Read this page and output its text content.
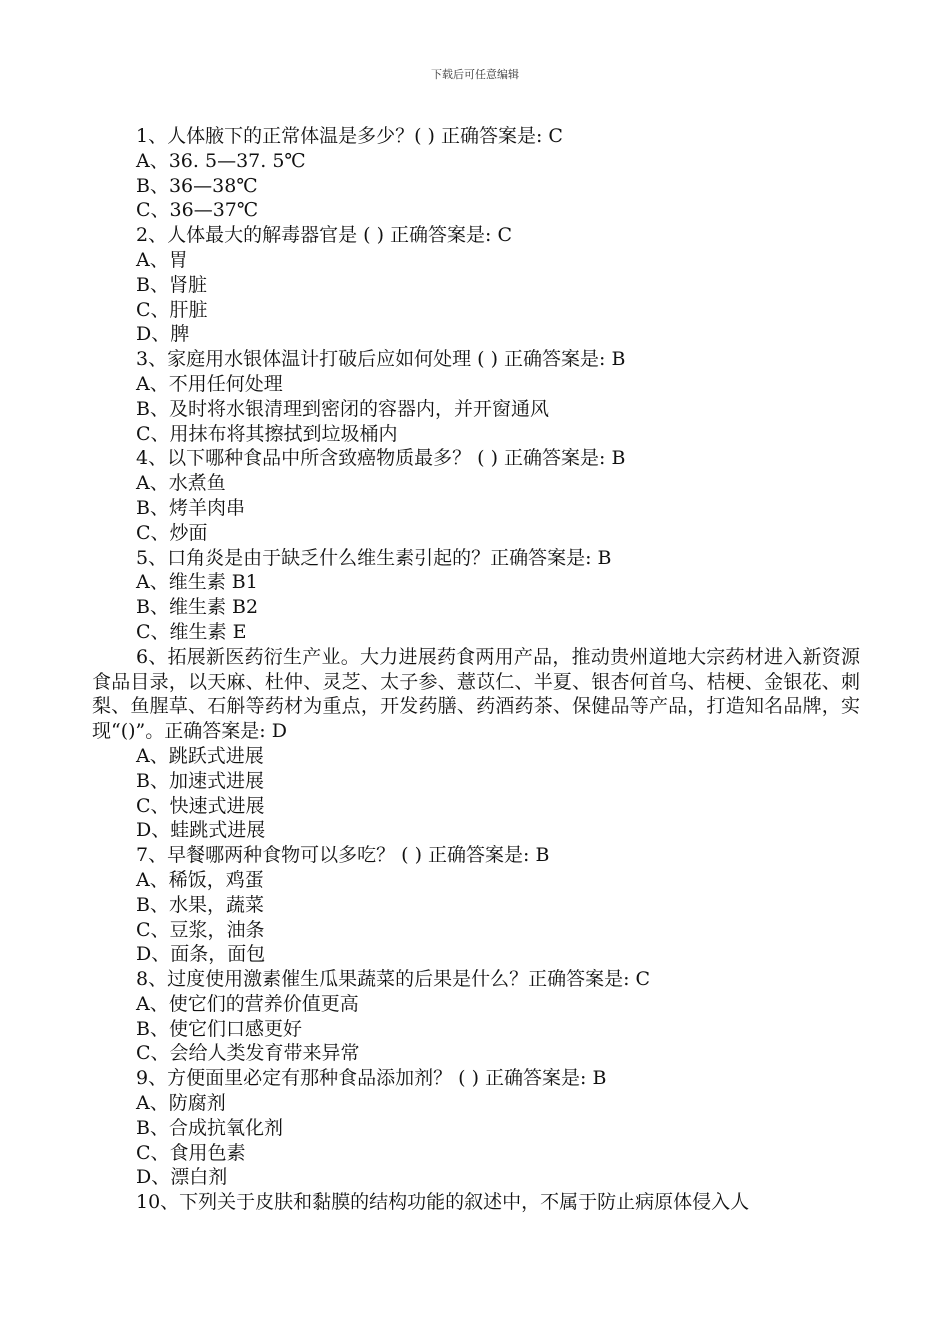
下载后可任意编辑
1、人体腋下的正常体温是多少？( ) 正确答案是: C
A、36. 5—37. 5℃
B、36—38℃
C、36—37℃
2、人体最大的解毒器官是 ( ) 正确答案是: C
A、胃
B、肾脏
C、肝脏
D、脾
3、家庭用水银体温计打破后应如何处理 ( ) 正确答案是: B
A、不用任何处理
B、及时将水银清理到密闭的容器内，并开窗通风
C、用抹布将其擦拭到垃圾桶内
4、以下哪种食品中所含致癌物质最多？ ( ) 正确答案是: B
A、水煮鱼
B、烤羊肉串
C、炒面
5、口角炎是由于缺乏什么维生素引起的？正确答案是: B
A、维生素 B1
B、维生素 B2
C、维生素 E
6、拓展新医药衍生产业。大力进展药食两用产品，推动贵州道地大宗药材进入新资源食品目录，以天麻、杜仲、灵芝、太子参、薏苡仁、半夏、银杏何首乌、桔梗、金银花、刺梨、鱼腥草、石斛等药材为重点，开发药膳、药酒药茶、保健品等产品，打造知名品牌，实现“()”。正确答案是: D
A、跳跃式进展
B、加速式进展
C、快速式进展
D、蛙跳式进展
7、早餐哪两种食物可以多吃？ ( ) 正确答案是: B
A、稀饭，鸡蛋
B、水果，蔬菜
C、豆浆，油条
D、面条，面包
8、过度使用激素催生瓜果蔬菜的后果是什么？正确答案是: C
A、使它们的营养价值更高
B、使它们口感更好
C、会给人类发育带来异常
9、方便面里必定有那种食品添加剂？ ( ) 正确答案是: B
A、防腐剂
B、合成抗氧化剂
C、食用色素
D、漂白剂
10、下列关于皮肤和黏膜的结构功能的叙述中，不属于防止病原体侵入人
